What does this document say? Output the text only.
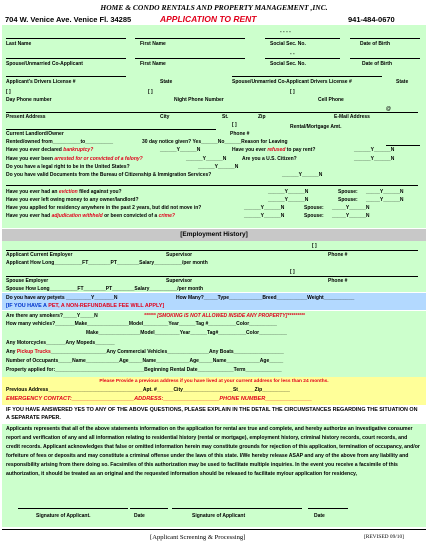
HOME & CONDO RENTALS AND PROPERTY MANAGEMENT ,INC.
704 W. Venice Ave. Venice Fl. 34285	APPLICATION TO RENT	941-484-0670
- - - -
Last Name	First Name	Social Sec. No.	Date of Birth
- -
Spouse/Unmarried Co-Applicant	First Name	Social Sec. No.	Date of Birth
Applicant's Drivers License #	State	Spouse/Unmarried Co-Applicant Drivers License #	State
[ ]	[ ]	[ ]
Day Phone number	Night Phone Number	Cell Phone
@
Present Address	City	St.	Zip	E-Mail Address
[ ]	Rental/Mortgage Amt.
Current Landlord/Owner	Phone #
Rented/owned from__________to__________	30 day notice given? Yes______No______Reason for Leaving
Have you ever declared bankruptcy?	______Y______N	Have you ever refused to pay rent?	______Y______N
Have you ever been arrested for or convicted of a felony?	______Y______N	Are you a U.S. Citizen?	______Y______N
Do you have a legal right to be in the United States?	______Y______N
Do you have valid Documents from the Bureau of Citizenship & Immigration Services?	______Y______N
Have you ever had an eviction filed against you?	______Y______N	Spouse: _____Y______N
Have you ever left owing money to any owner/landlord?	______Y______N	Spouse: _____Y______N
Have you applied for residency anywhere in the past 2 years, but did not move in?	______Y______N	Spouse: _____Y______N
Have you ever had adjudication withheld or been convicted of a crime?	______Y______N	Spouse: _____Y______N
[Employment History]
[ ]
Applicant Current Employer	Supervisor	Phone #
Applicant How Long__________FT________PT________Salary__________/per month
[ ]
Spouse Employer	Supervisor	Phone #
Spouse How Long__________FT________PT________Salary__________/per month
Do you have any petyets _________Y_______N	How Many?_____Type____________Breed___________Weight___________
[IF YOU HAVE A PET, A NON-REFUNDABLE FEE WILL APPLY]
Are there any smokers?_____Y_____N	****** [SMOKING IS NOT ALLOWED INSIDE ANY PROPERTY]*********
How many vehicles?_______Make_______________Model_________Year______Tag #__________Color__________
Make_______________Model_________Year______Tag#__________Color__________
Any Motorcycles_______Any Mopeds_______
Any Pickup Trucks____________________Any Commercial Vehicles_______________Any Boats__________________
Number of Occupants_____Name____________Age_____Name____________Age_____Name____________Age_____
Property applied for:________________________________Beginning Rental Date_____________Term_____________
Please Provide a previous address if you have lived at your current address for less than 24 months.
Previous Address__________________________________Apt. #______City__________________St______Zip__________
EMERGENCY CONTACT:____________________ADDRESS:__________________PHONE NUMBER_______________
IF YOU HAVE ANSWERED YES TO ANY OF THE ABOVE QUESTIONS, PLEASE EXPLAIN IN THE DETAIL THE CIRCUMSTANCES REGARDING THE SITUATION ON A SEPARATE PAPER.
Applicants represents that all of the above statements information on the application for rental are true and complete, and hereby authorize an investigative consumer report and verification of any and all information relating to residential history (rental or mortgage), employment history, criminal history records, court records, and credit records. Applicant acknowledges that false or omitted information herein may constitute grounds for rejection of this application, termination of occupancy, and/or forfeiture of fees or deposits and may constitute a criminal offense under the laws of this state. I/We hereby release ASAP and any of the above from any liability and responsibility arising from there doing so. Facsimiles of this authorization may be used to facilitate multiple inquiries. In the event you receive a facsimile of this authorization, it should be treated as an original and the requested information should be released to facilitate my/our application for residency,
Signature of Applicant.	Date	Signature of Applicant	Date
[Applicant Screening & Processing]	[REVISED 09/10]
